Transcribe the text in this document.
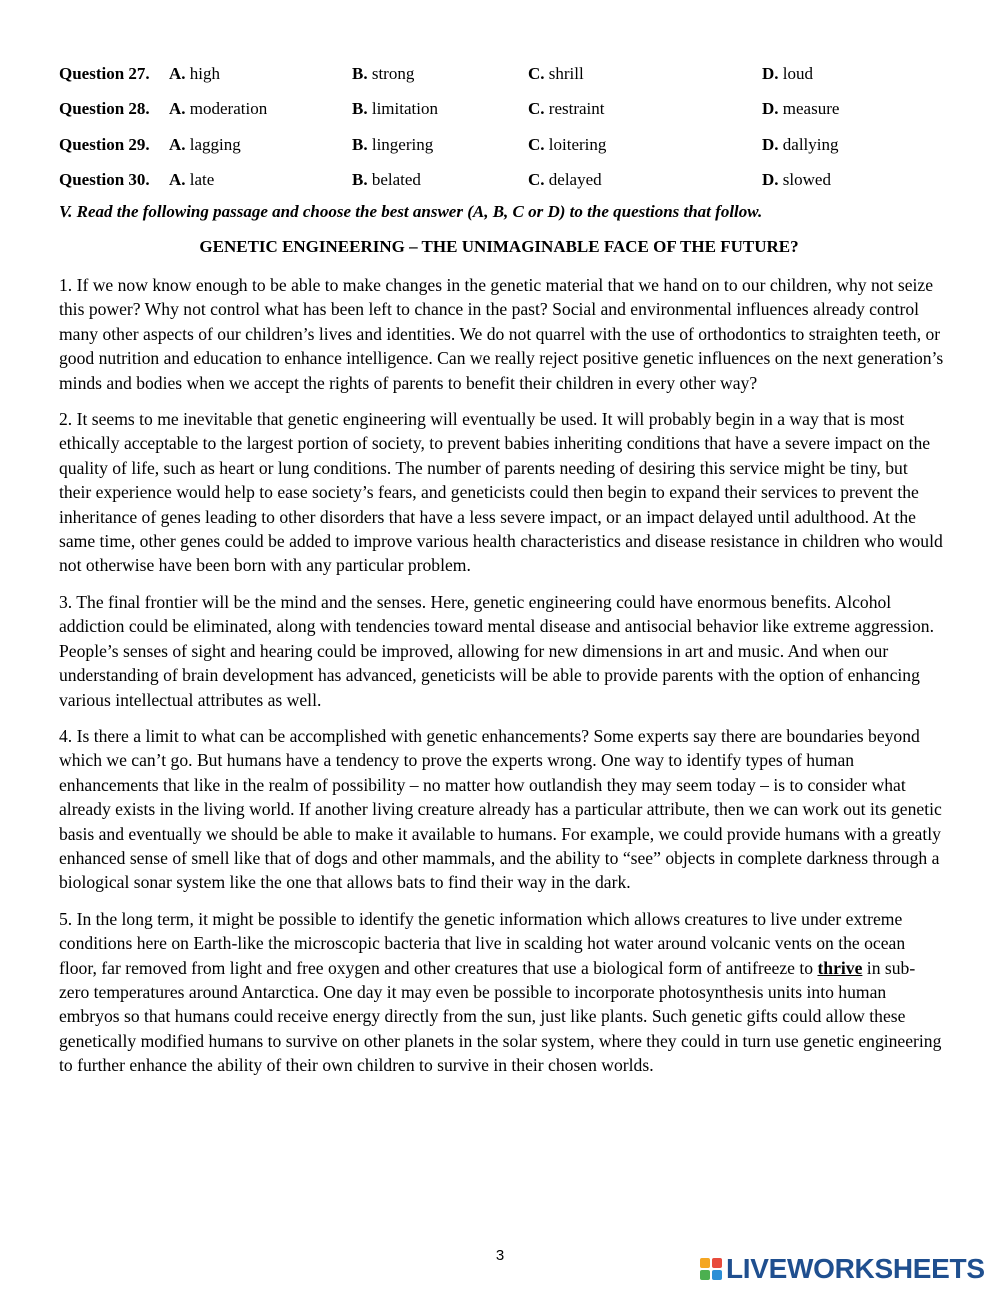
Question 27.	A. high	B. strong	C. shrill	D. loud
Question 28.	A. moderation	B. limitation	C. restraint	D. measure
Question 29.	A. lagging	B. lingering	C. loitering	D. dallying
Question 30.	A. late	B. belated	C. delayed	D. slowed
V. Read the following passage and choose the best answer (A, B, C or D) to the questions that follow.
GENETIC ENGINEERING – THE UNIMAGINABLE FACE OF THE FUTURE?

1. If we now know enough to be able to make changes in the genetic material that we hand on to our children, why not seize this power? Why not control what has been left to chance in the past? Social and environmental influences already control many other aspects of our children’s lives and identities. We do not quarrel with the use of orthodontics to straighten teeth, or good nutrition and education to enhance intelligence. Can we really reject positive genetic influences on the next generation’s minds and bodies when we accept the rights of parents to benefit their children in every other way?

2. It seems to me inevitable that genetic engineering will eventually be used. It will probably begin in a way that is most ethically acceptable to the largest portion of society, to prevent babies inheriting conditions that have a severe impact on the quality of life, such as heart or lung conditions. The number of parents needing of desiring this service might be tiny, but their experience would help to ease society’s fears, and geneticists could then begin to expand their services to prevent the inheritance of genes leading to other disorders that have a less severe impact, or an impact delayed until adulthood. At the same time, other genes could be added to improve various health characteristics and disease resistance in children who would not otherwise have been born with any particular problem.

3. The final frontier will be the mind and the senses. Here, genetic engineering could have enormous benefits. Alcohol addiction could be eliminated, along with tendencies toward mental disease and antisocial behavior like extreme aggression. People’s senses of sight and hearing could be improved, allowing for new dimensions in art and music. And when our understanding of brain development has advanced, geneticists will be able to provide parents with the option of enhancing various intellectual attributes as well.

4. Is there a limit to what can be accomplished with genetic enhancements? Some experts say there are boundaries beyond which we can’t go. But humans have a tendency to prove the experts wrong. One way to identify types of human enhancements that like in the realm of possibility – no matter how outlandish they may seem today – is to consider what already exists in the living world. If another living creature already has a particular attribute, then we can work out its genetic basis and eventually we should be able to make it available to humans. For example, we could provide humans with a greatly enhanced sense of smell like that of dogs and other mammals, and the ability to “see” objects in complete darkness through a biological sonar system like the one that allows bats to find their way in the dark.

5. In the long term, it might be possible to identify the genetic information which allows creatures to live under extreme conditions here on Earth-like the microscopic bacteria that live in scalding hot water around volcanic vents on the ocean floor, far removed from light and free oxygen and other creatures that use a biological form of antifreeze to thrive in sub-zero temperatures around Antarctica. One day it may even be possible to incorporate photosynthesis units into human embryos so that humans could receive energy directly from the sun, just like plants. Such genetic gifts could allow these genetically modified humans to survive on other planets in the solar system, where they could in turn use genetic engineering to further enhance the ability of their own children to survive in their chosen worlds.

3	LIVEWORKSHEETS
